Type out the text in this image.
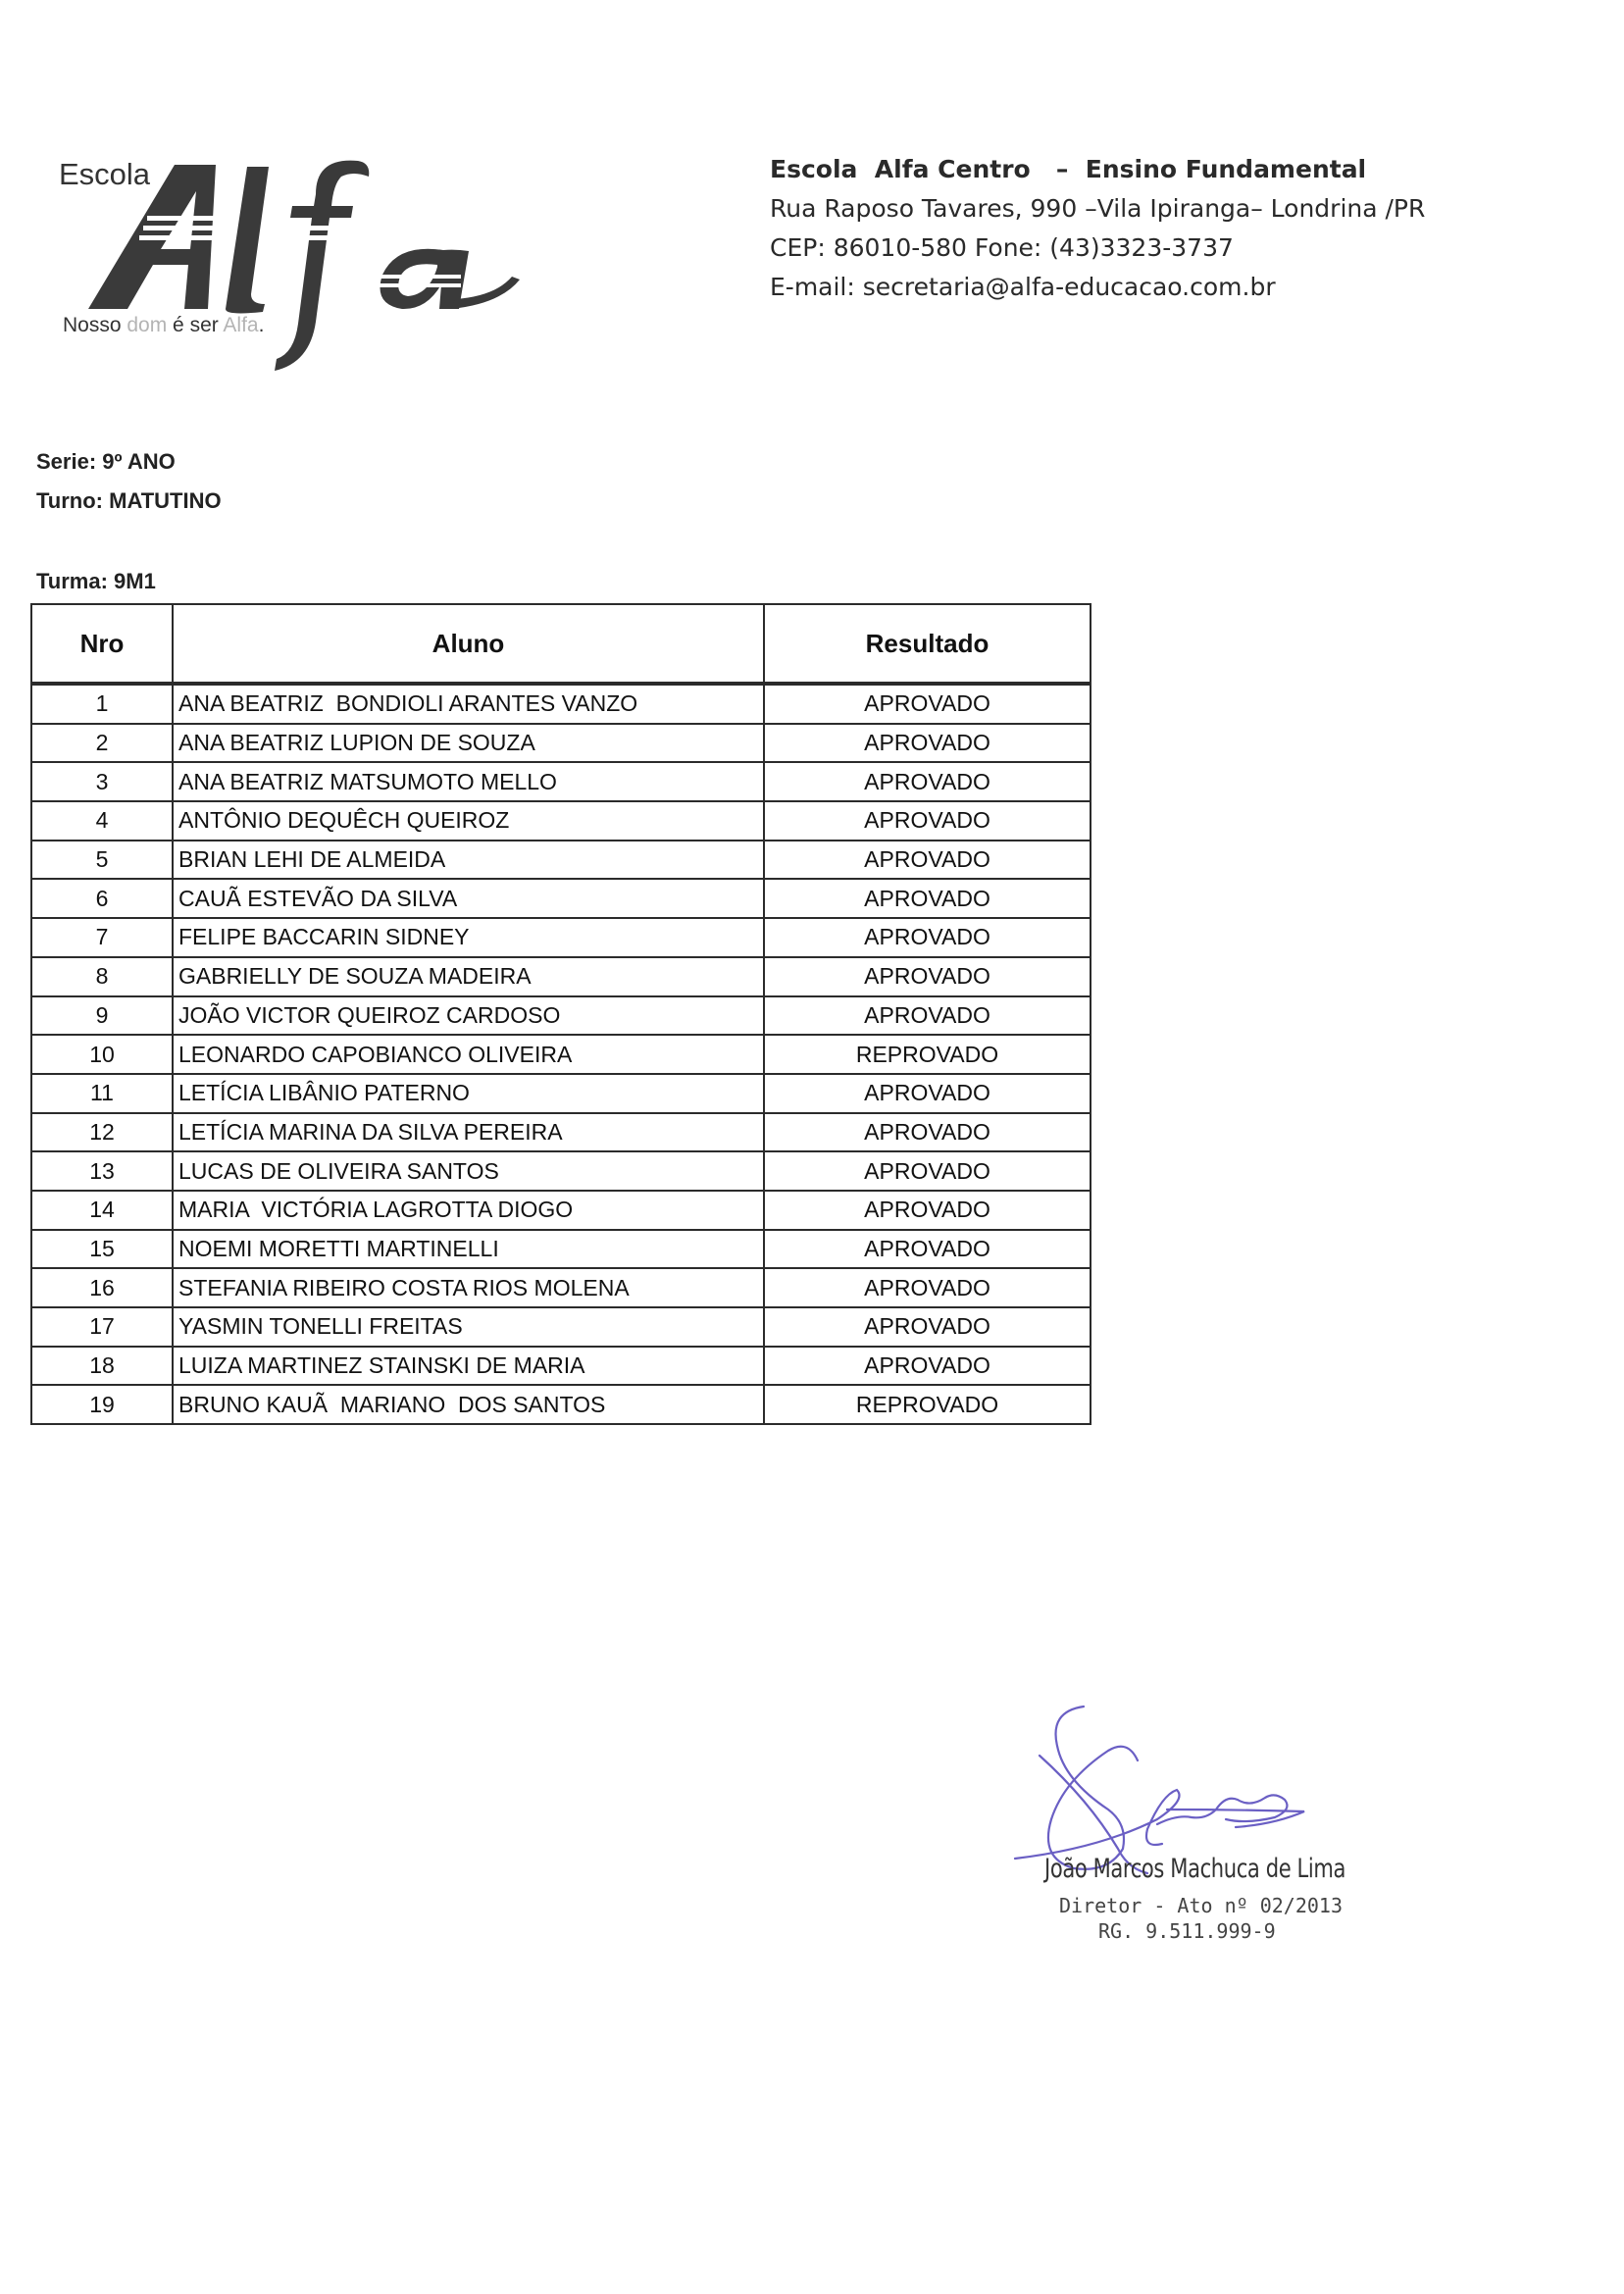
Escola
Nosso dom é ser Alfa.
Escola  Alfa Centro   –  Ensino Fundamental
Rua Raposo Tavares, 990 –Vila Ipiranga– Londrina /PR
CEP: 86010-580 Fone: (43)3323-3737
E-mail: secretaria@alfa-educacao.com.br
Serie: 9º ANO
Turno: MATUTINO
Turma: 9M1
Nro	Aluno	Resultado
1	ANA BEATRIZ  BONDIOLI ARANTES VANZO	APROVADO
2	ANA BEATRIZ LUPION DE SOUZA	APROVADO
3	ANA BEATRIZ MATSUMOTO MELLO	APROVADO
4	ANTÔNIO DEQUÊCH QUEIROZ	APROVADO
5	BRIAN LEHI DE ALMEIDA	APROVADO
6	CAUÃ ESTEVÃO DA SILVA	APROVADO
7	FELIPE BACCARIN SIDNEY	APROVADO
8	GABRIELLY DE SOUZA MADEIRA	APROVADO
9	JOÃO VICTOR QUEIROZ CARDOSO	APROVADO
10	LEONARDO CAPOBIANCO OLIVEIRA	REPROVADO
11	LETÍCIA LIBÂNIO PATERNO	APROVADO
12	LETÍCIA MARINA DA SILVA PEREIRA	APROVADO
13	LUCAS DE OLIVEIRA SANTOS	APROVADO
14	MARIA  VICTÓRIA LAGROTTA DIOGO	APROVADO
15	NOEMI MORETTI MARTINELLI	APROVADO
16	STEFANIA RIBEIRO COSTA RIOS MOLENA	APROVADO
17	YASMIN TONELLI FREITAS	APROVADO
18	LUIZA MARTINEZ STAINSKI DE MARIA	APROVADO
19	BRUNO KAUÃ  MARIANO  DOS SANTOS	REPROVADO
João Marcos Machuca de Lima
Diretor - Ato nº 02/2013
RG. 9.511.999-9
